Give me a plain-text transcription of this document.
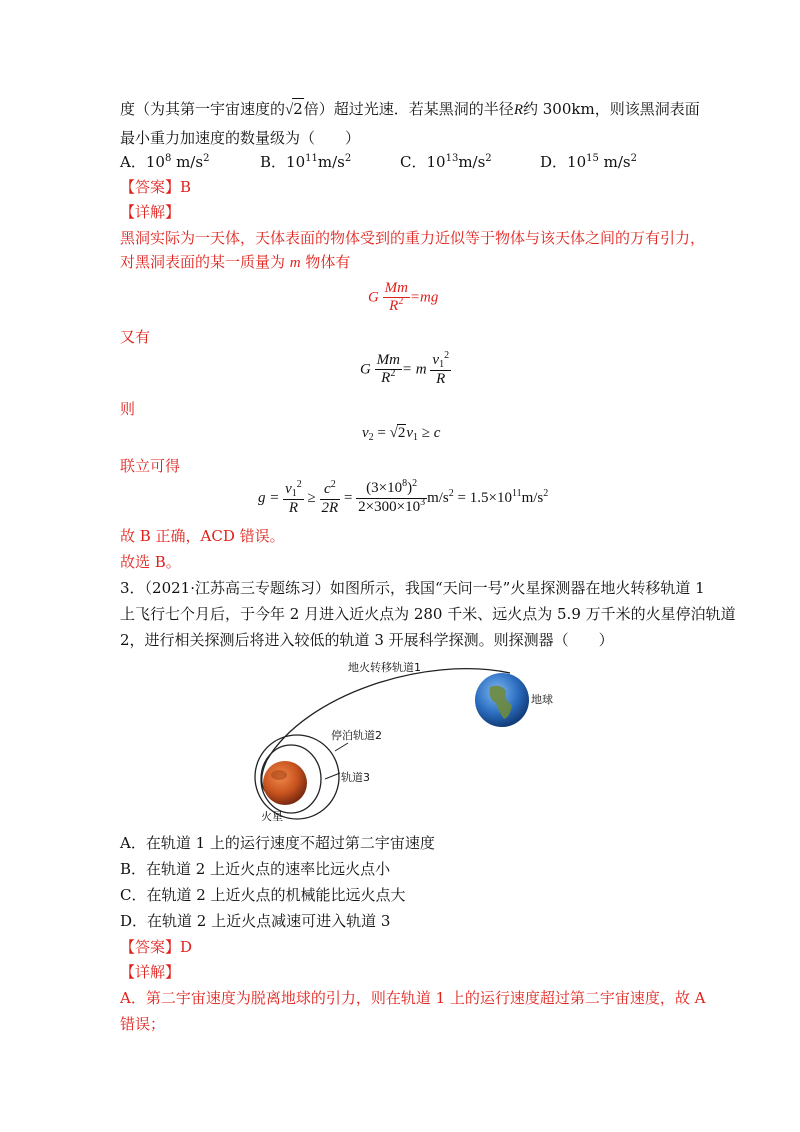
度（为其第一宇宙速度的√2倍）超过光速．若某黑洞的半径R约 300km，则该黑洞表面
最小重力加速度的数量级为（　　）
A．$10^8$ $m/s^2$	B．$10^{11}m/s^2$	C．$10^{13}m/s^2$	D．$10^{15}$ $m/s^2$
【答案】B
【详解】
黑洞实际为一天体，天体表面的物体受到的重力近似等于物体与该天体之间的万有引力，
对黑洞表面的某一质量为 m 物体有
G $\frac{Mm}{R^2} =mg$
又有
G $\frac{Mm}{R^2} = m \frac{v_1^2}{R}$
则
$v_2 = √2v_1 \ge c$
联立可得
$g = \frac{v_1^2}{R} \ge \frac{c^2}{2R} = \frac{(3\times 10^8)^2}{2\times 300\times 10^3} m/s^2 = 1.5\times 10^{11}m/s^2$
故 B 正确，ACD 错误。
故选 B。
3．（2021·江苏高三专题练习）如图所示，我国“天问一号”火星探测器在地火转移轨道 1
上飞行七个月后，于今年 2 月进入近火点为 280 千米、远火点为 5.9 万千米的火星停泊轨道
2，进行相关探测后将进入较低的轨道 3 开展科学探测。则探测器（　　）
地火转移轨道1
地球
停泊轨道2
轨道3
火星
A．在轨道 1 上的运行速度不超过第二宇宙速度
B．在轨道 2 上近火点的速率比远火点小
C．在轨道 2 上近火点的机械能比远火点大
D．在轨道 2 上近火点减速可进入轨道 3
【答案】D
【详解】
A．第二宇宙速度为脱离地球的引力，则在轨道 1 上的运行速度超过第二宇宙速度，故 A
错误；
